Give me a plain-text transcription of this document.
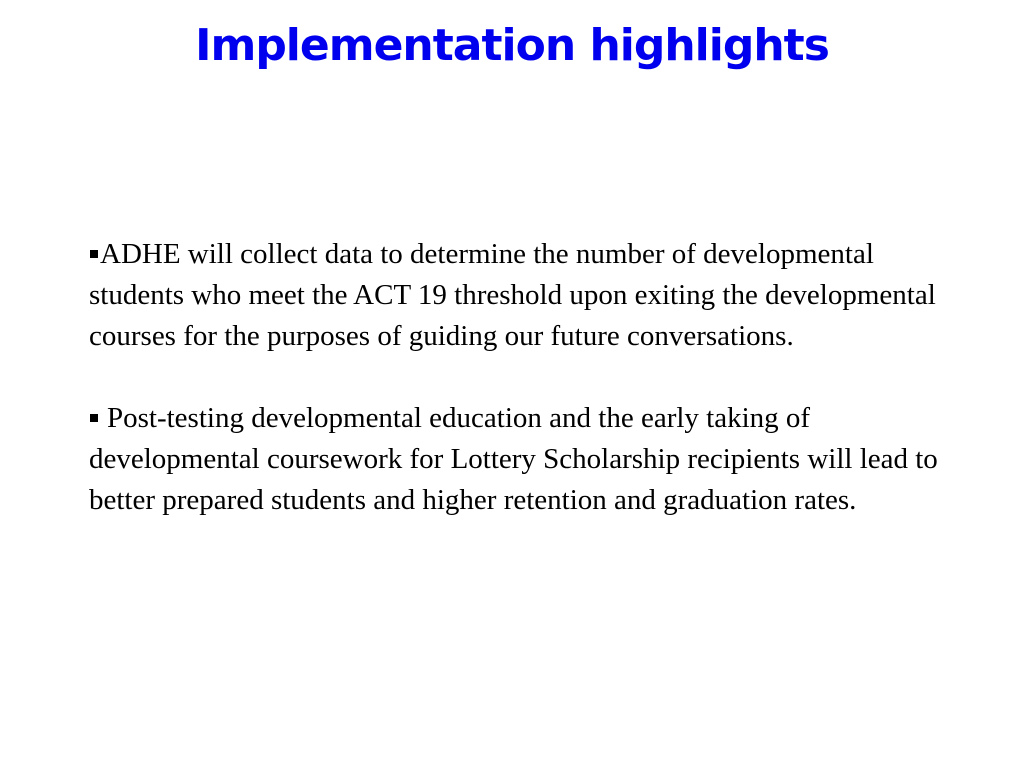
Implementation highlights

ADHE will collect data to determine the number of developmental students who meet the ACT 19 threshold upon exiting the developmental courses for the purposes of guiding our future conversations.

Post-testing developmental education and the early taking of developmental coursework for Lottery Scholarship recipients will lead to better prepared students and higher retention and graduation rates.
